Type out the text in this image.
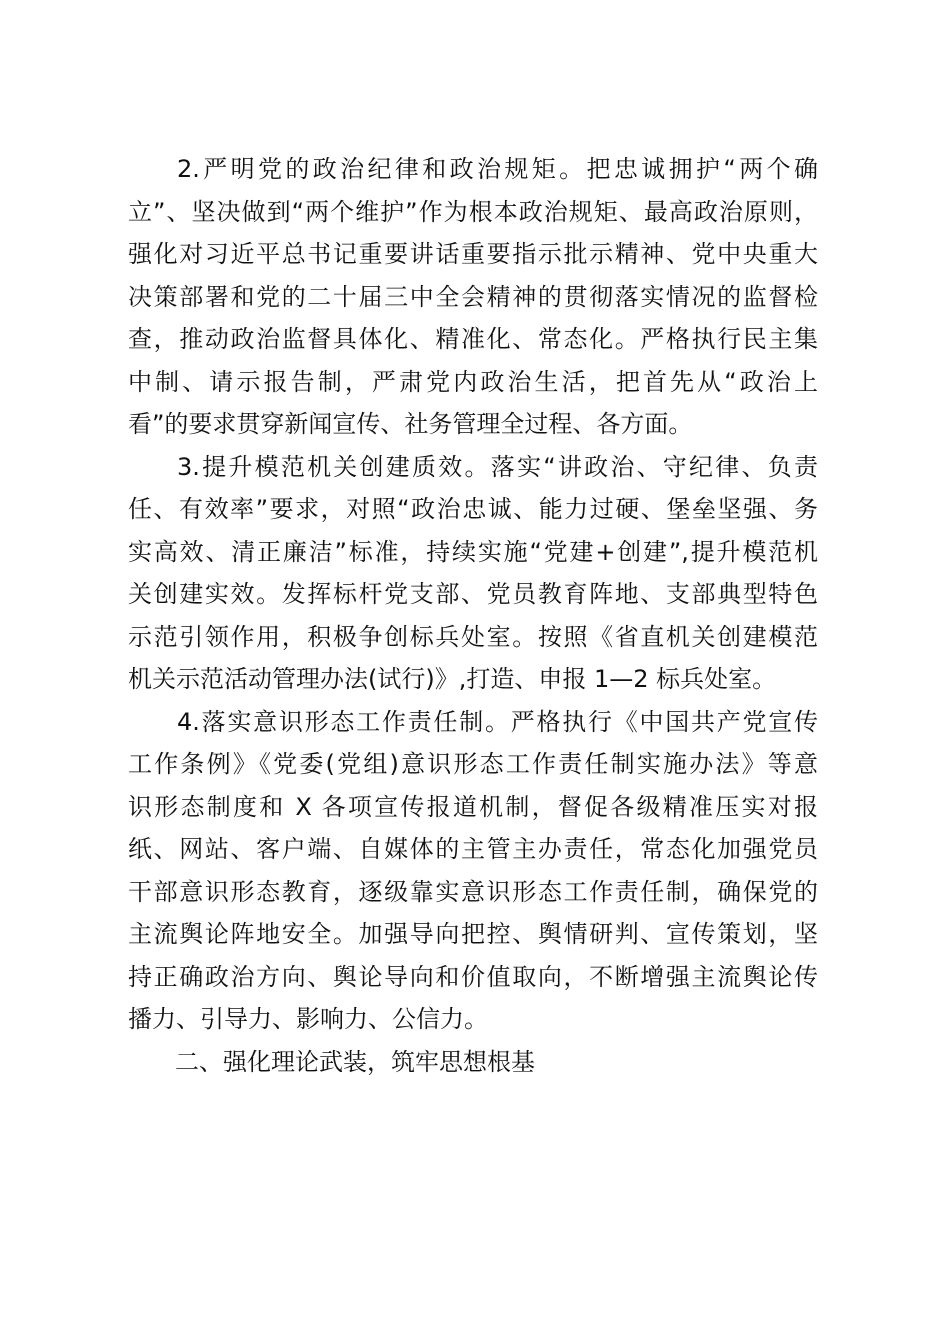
2.严明党的政治纪律和政治规矩。把忠诚拥护“两个确
立”、坚决做到“两个维护”作为根本政治规矩、最高政治原则，
强化对习近平总书记重要讲话重要指示批示精神、党中央重大
决策部署和党的二十届三中全会精神的贯彻落实情况的监督检
查，推动政治监督具体化、精准化、常态化。严格执行民主集
中制、请示报告制，严肃党内政治生活，把首先从“政治上
看”的要求贯穿新闻宣传、社务管理全过程、各方面。
3.提升模范机关创建质效。落实“讲政治、守纪律、负责
任、有效率”要求，对照“政治忠诚、能力过硬、堡垒坚强、务
实高效、清正廉洁”标准，持续实施“党建+创建”,提升模范机
关创建实效。发挥标杆党支部、党员教育阵地、支部典型特色
示范引领作用，积极争创标兵处室。按照《省直机关创建模范
机关示范活动管理办法(试行)》,打造、申报 1—2 标兵处室。
4.落实意识形态工作责任制。严格执行《中国共产党宣传
工作条例》《党委(党组)意识形态工作责任制实施办法》等意
识形态制度和 X 各项宣传报道机制，督促各级精准压实对报
纸、网站、客户端、自媒体的主管主办责任，常态化加强党员
干部意识形态教育，逐级靠实意识形态工作责任制，确保党的
主流舆论阵地安全。加强导向把控、舆情研判、宣传策划，坚
持正确政治方向、舆论导向和价值取向，不断增强主流舆论传
播力、引导力、影响力、公信力。
二、强化理论武装，筑牢思想根基
